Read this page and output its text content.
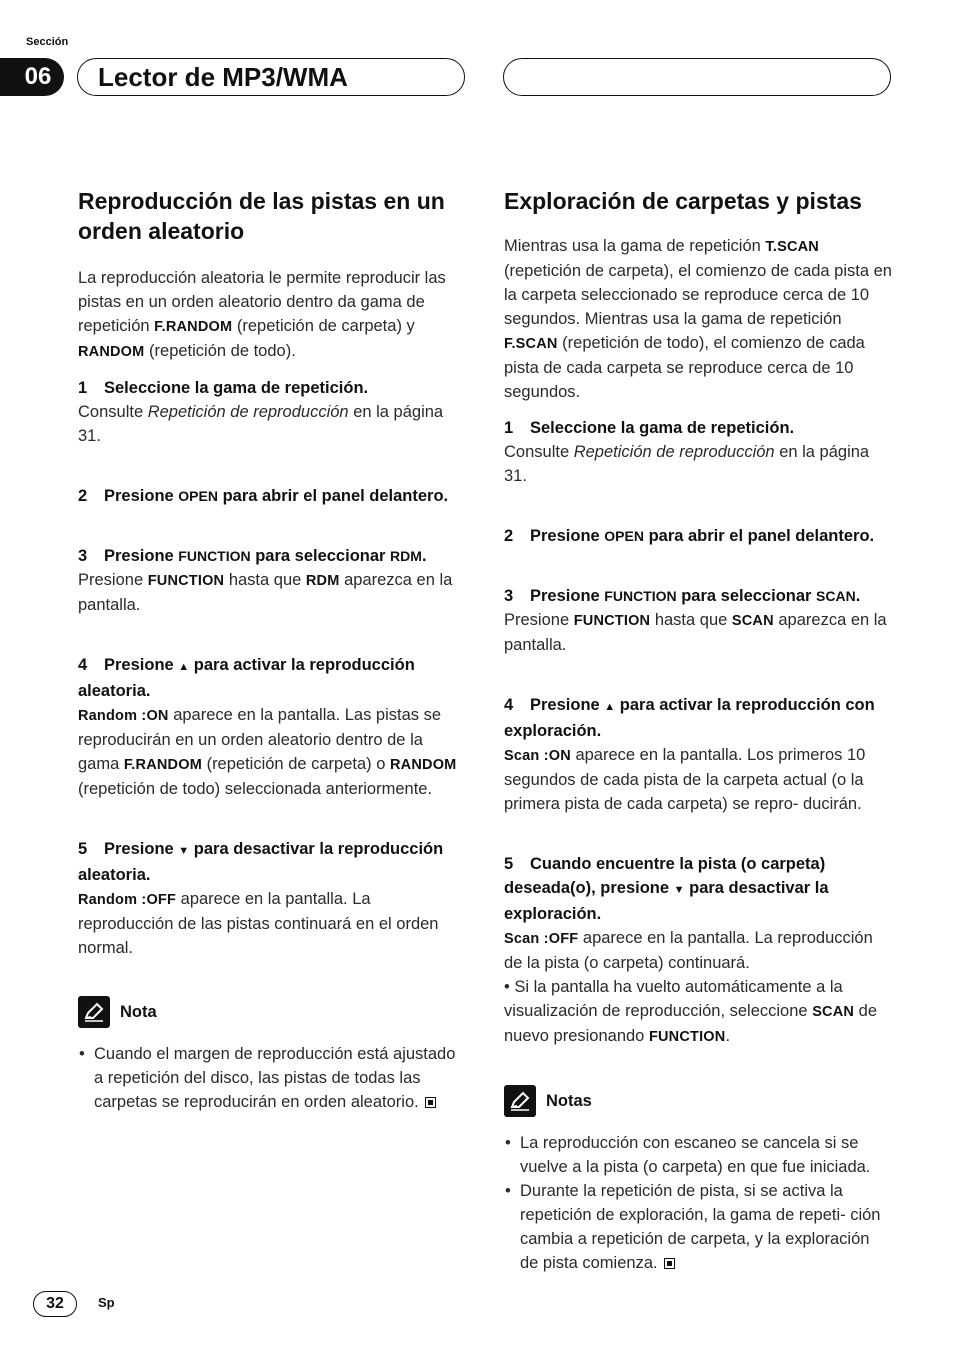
Sección
06	Lector de MP3/WMA
Reproducción de las pistas en un orden aleatorio

La reproducción aleatoria le permite reproducir las pistas en un orden aleatorio dentro da gama de repetición F.RANDOM (repetición de carpeta) y RANDOM (repetición de todo).

1 Seleccione la gama de repetición.

Consulte Repetición de reproducción en la página 31.

2 Presione OPEN para abrir el panel delantero.

3 Presione FUNCTION para seleccionar RDM.

Presione FUNCTION hasta que RDM aparezca en la pantalla.

4 Presione ▲ para activar la reproducción aleatoria.

Random :ON aparece en la pantalla. Las pistas se reproducirán en un orden aleatorio dentro de la gama F.RANDOM (repetición de carpeta) o RANDOM (repetición de todo) seleccionada anteriormente.

5 Presione ▼ para desactivar la reproducción aleatoria.

Random :OFF aparece en la pantalla. La reproducción de las pistas continuará en el orden normal.

Nota
• Cuando el margen de reproducción está ajustado a repetición del disco, las pistas de todas las carpetas se reproducirán en orden aleatorio.
Exploración de carpetas y pistas

Mientras usa la gama de repetición T.SCAN (repetición de carpeta), el comienzo de cada pista en la carpeta seleccionado se reproduce cerca de 10 segundos. Mientras usa la gama de repetición F.SCAN (repetición de todo), el comienzo de cada pista de cada carpeta se reproduce cerca de 10 segundos.

1 Seleccione la gama de repetición.

Consulte Repetición de reproducción en la página 31.

2 Presione OPEN para abrir el panel delantero.

3 Presione FUNCTION para seleccionar SCAN.

Presione FUNCTION hasta que SCAN aparezca en la pantalla.

4 Presione ▲ para activar la reproducción con exploración.

Scan :ON aparece en la pantalla. Los primeros 10 segundos de cada pista de la carpeta actual (o la primera pista de cada carpeta) se repro- ducirán.

5 Cuando encuentre la pista (o carpeta) deseada(o), presione ▼ para desactivar la exploración.

Scan :OFF aparece en la pantalla. La reproducción de la pista (o carpeta) continuará.

• Si la pantalla ha vuelto automáticamente a la visualización de reproducción, seleccione SCAN de nuevo presionando FUNCTION.

Notas
• La reproducción con escaneo se cancela si se vuelve a la pista (o carpeta) en que fue iniciada.
• Durante la repetición de pista, si se activa la repetición de exploración, la gama de repeti- ción cambia a repetición de carpeta, y la exploración de pista comienza.
32	Sp
